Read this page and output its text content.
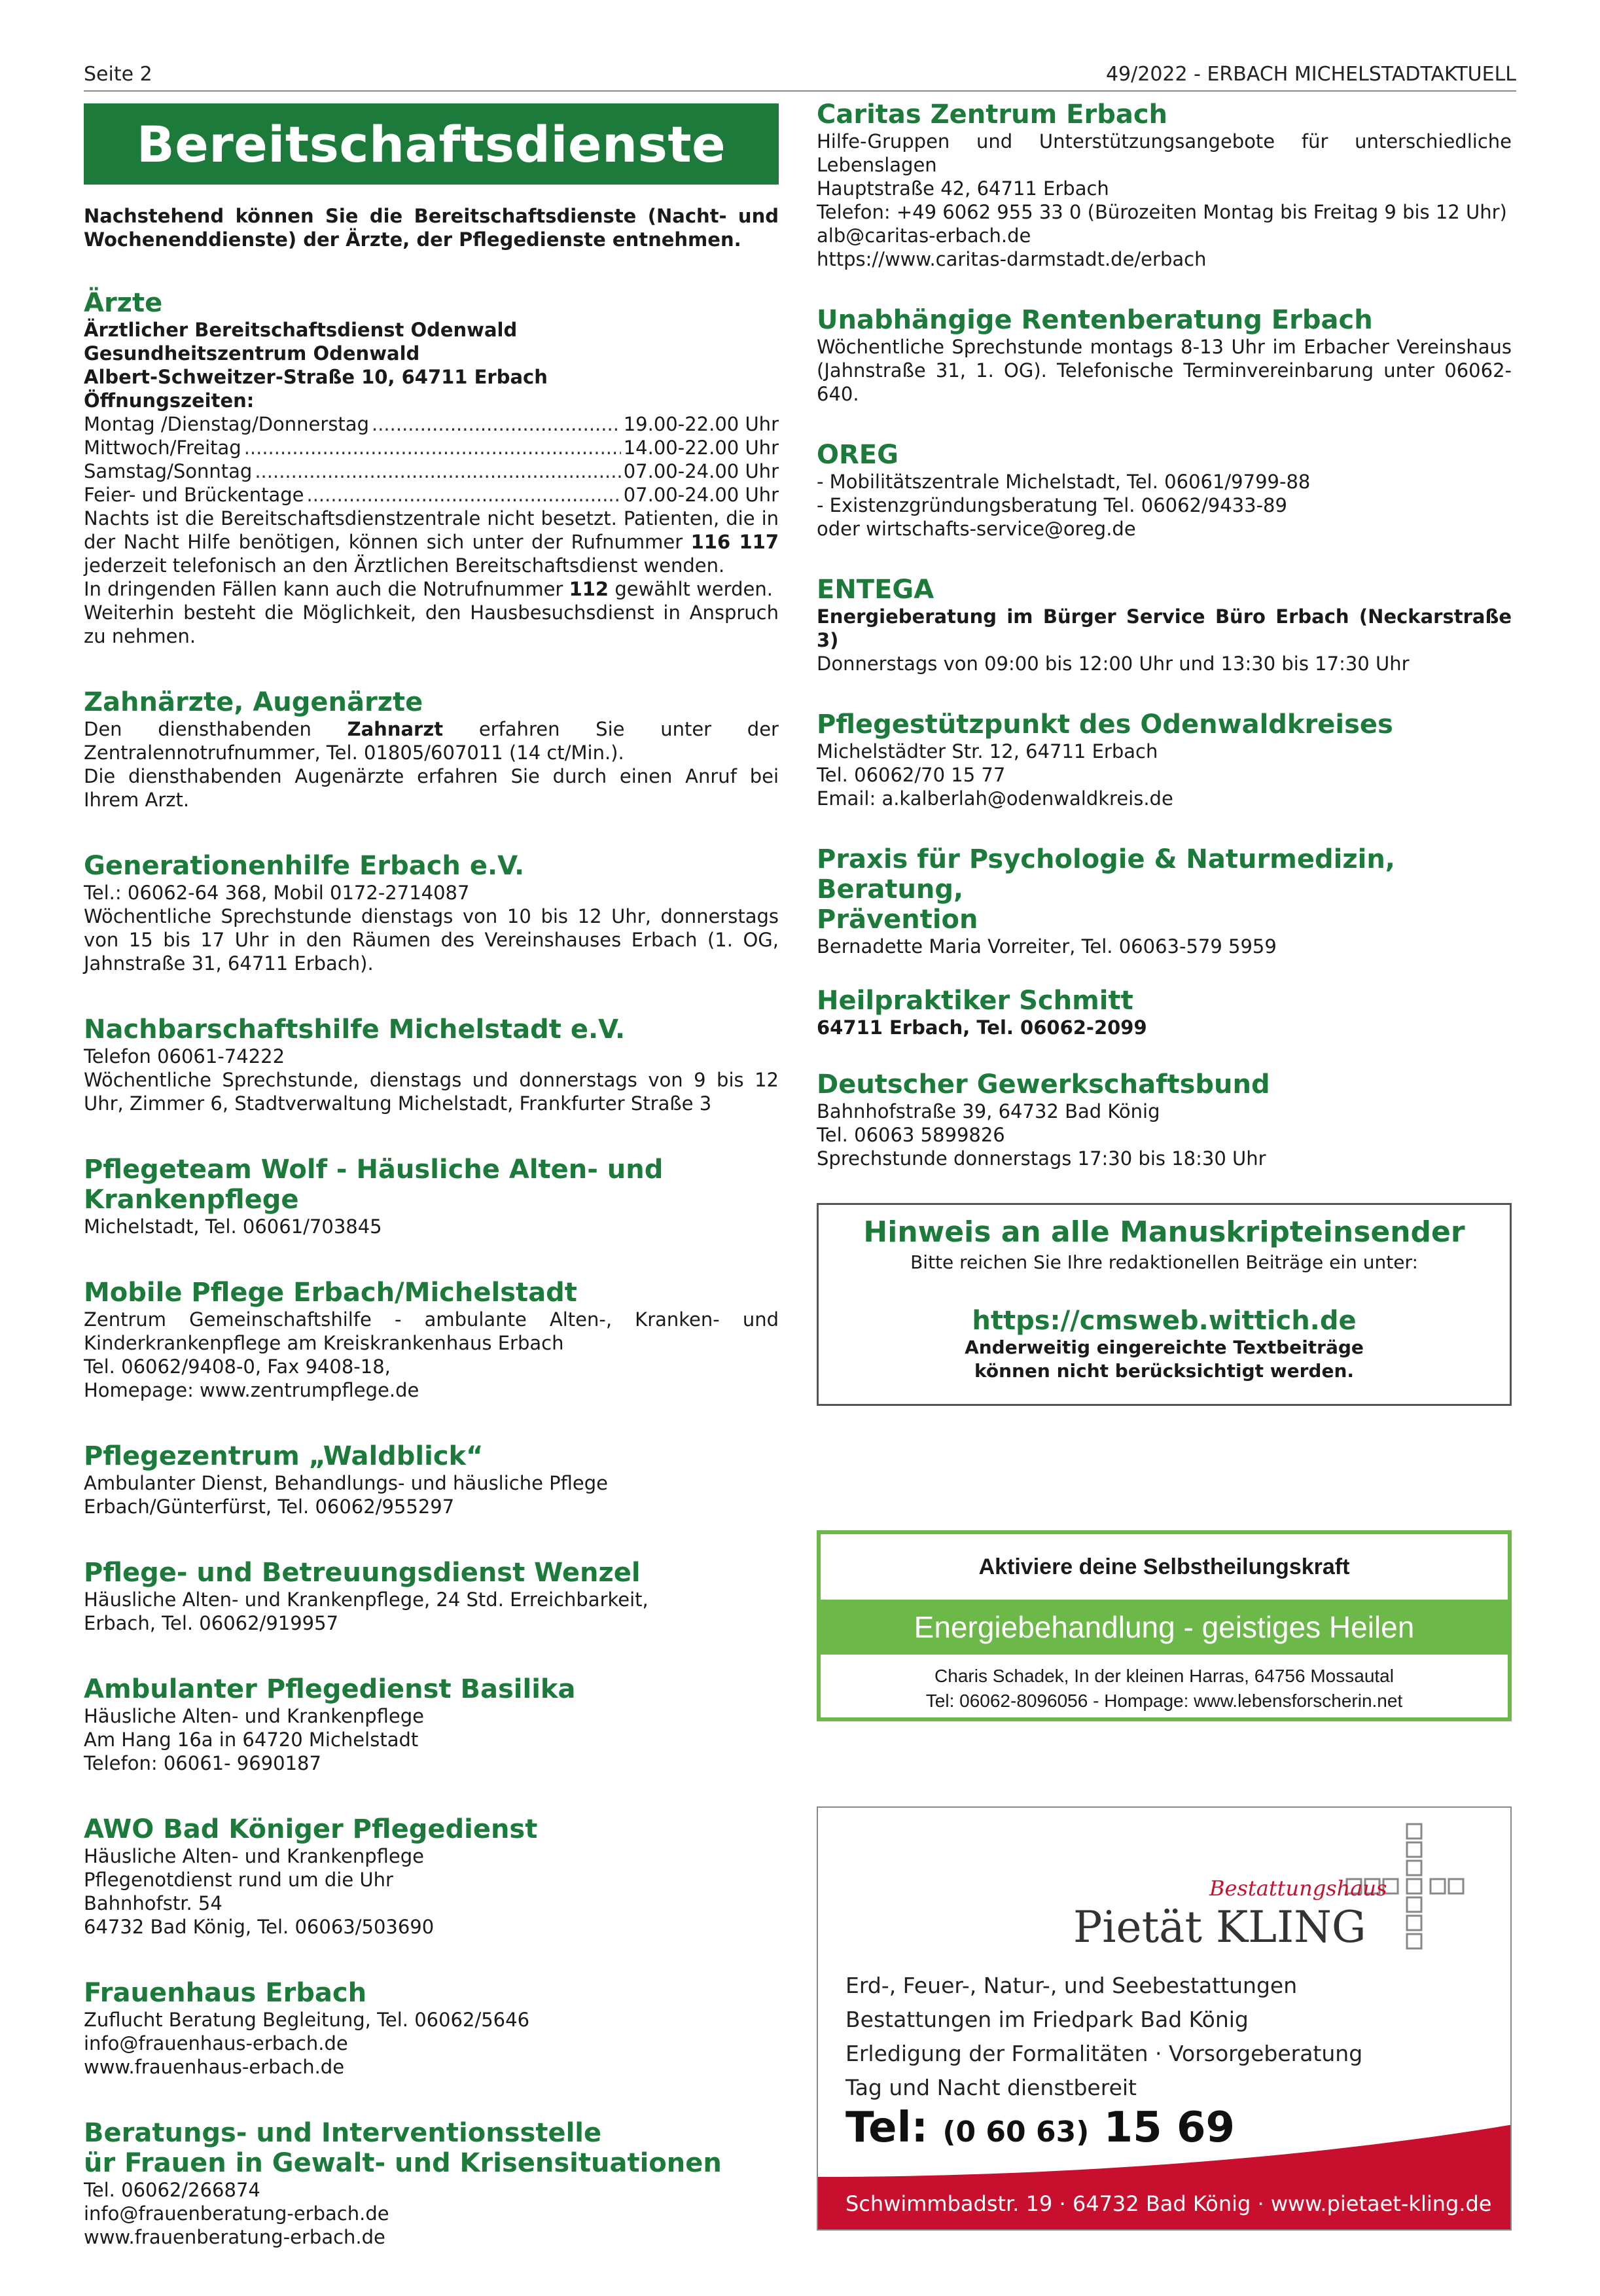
Seite 2	49/2022 - ERBACH MICHELSTADTAKTUELL
Bereitschaftsdienste
Nachstehend können Sie die Bereitschaftsdienste (Nacht- und Wochenenddienste) der Ärzte, der Pflegedienste entnehmen.
Ärzte
Ärztlicher Bereitschaftsdienst Odenwald
Gesundheitszentrum Odenwald
Albert-Schweitzer-Straße 10, 64711 Erbach
Öffnungszeiten:
Montag /Dienstag/Donnerstag .....	19.00-22.00 Uhr
Mittwoch/Freitag .....	14.00-22.00 Uhr
Samstag/Sonntag .....	07.00-24.00 Uhr
Feier- und Brückentage .....	07.00-24.00 Uhr
Nachts ist die Bereitschaftsdienstzentrale nicht besetzt. Patienten, die in der Nacht Hilfe benötigen, können sich unter der Rufnummer 116 117 jederzeit telefonisch an den Ärztlichen Bereitschaftsdienst wenden.
In dringenden Fällen kann auch die Notrufnummer 112 gewählt werden.
Weiterhin besteht die Möglichkeit, den Hausbesuchsdienst in Anspruch zu nehmen.
Zahnärzte, Augenärzte
Den diensthabenden Zahnarzt erfahren Sie unter der Zentralennotrufnummer, Tel. 01805/607011 (14 ct/Min.).
Die diensthabenden Augenärzte erfahren Sie durch einen Anruf bei Ihrem Arzt.
Generationenhilfe Erbach e.V.
Tel.: 06062-64 368, Mobil 0172-2714087
Wöchentliche Sprechstunde dienstags von 10 bis 12 Uhr, donnerstags von 15 bis 17 Uhr in den Räumen des Vereinshauses Erbach (1. OG, Jahnstraße 31, 64711 Erbach).
Nachbarschaftshilfe Michelstadt e.V.
Telefon 06061-74222
Wöchentliche Sprechstunde, dienstags und donnerstags von 9 bis 12 Uhr, Zimmer 6, Stadtverwaltung Michelstadt, Frankfurter Straße 3
Pflegeteam Wolf - Häusliche Alten- und Krankenpflege
Michelstadt, Tel. 06061/703845
Mobile Pflege Erbach/Michelstadt
Zentrum Gemeinschaftshilfe - ambulante Alten-, Kranken- und Kinderkrankenpflege am Kreiskrankenhaus Erbach
Tel. 06062/9408-0, Fax 9408-18,
Homepage: www.zentrumpflege.de
Pflegezentrum „Waldblick“
Ambulanter Dienst, Behandlungs- und häusliche Pflege
Erbach/Günterfürst, Tel. 06062/955297
Pflege- und Betreuungsdienst Wenzel
Häusliche Alten- und Krankenpflege, 24 Std. Erreichbarkeit,
Erbach, Tel. 06062/919957
Ambulanter Pflegedienst Basilika
Häusliche Alten- und Krankenpflege
Am Hang 16a in 64720 Michelstadt
Telefon: 06061- 9690187
AWO Bad Königer Pflegedienst
Häusliche Alten- und Krankenpflege
Pflegenotdienst rund um die Uhr
Bahnhofstr. 54
64732 Bad König, Tel. 06063/503690
Frauenhaus Erbach
Zuflucht Beratung Begleitung, Tel. 06062/5646
info@frauenhaus-erbach.de
www.frauenhaus-erbach.de
Beratungs- und Interventionsstelle
ür Frauen in Gewalt- und Krisensituationen
Tel. 06062/266874
info@frauenberatung-erbach.de
www.frauenberatung-erbach.de
Caritas Zentrum Erbach
Hilfe-Gruppen und Unterstützungsangebote für unterschiedliche Lebenslagen
Hauptstraße 42, 64711 Erbach
Telefon: +49 6062 955 33 0 (Bürozeiten Montag bis Freitag 9 bis 12 Uhr)
alb@caritas-erbach.de
https://www.caritas-darmstadt.de/erbach
Unabhängige Rentenberatung Erbach
Wöchentliche Sprechstunde montags 8-13 Uhr im Erbacher Vereinshaus (Jahnstraße 31, 1. OG). Telefonische Terminvereinbarung unter 06062-640.
OREG
- Mobilitätszentrale Michelstadt, Tel. 06061/9799-88
- Existenzgründungsberatung Tel. 06062/9433-89
oder wirtschafts-service@oreg.de
ENTEGA
Energieberatung im Bürger Service Büro Erbach (Neckarstraße 3)
Donnerstags von 09:00 bis 12:00 Uhr und 13:30 bis 17:30 Uhr
Pflegestützpunkt des Odenwaldkreises
Michelstädter Str. 12, 64711 Erbach
Tel. 06062/70 15 77
Email: a.kalberlah@odenwaldkreis.de
Praxis für Psychologie & Naturmedizin, Beratung,
Prävention
Bernadette Maria Vorreiter, Tel. 06063-579 5959
Heilpraktiker Schmitt
64711 Erbach, Tel. 06062-2099
Deutscher Gewerkschaftsbund
Bahnhofstraße 39, 64732 Bad König
Tel. 06063 5899826
Sprechstunde donnerstags 17:30 bis 18:30 Uhr
Hinweis an alle Manuskripteinsender
Bitte reichen Sie Ihre redaktionellen Beiträge ein unter:
https://cmsweb.wittich.de
Anderweitig eingereichte Textbeiträge
können nicht berücksichtigt werden.
Aktiviere deine Selbstheilungskraft
Energiebehandlung - geistiges Heilen
Charis Schadek, In der kleinen Harras, 64756 Mossautal
Tel: 06062-8096056 - Hompage: www.lebensforscherin.net
Bestattungshaus
Pietät KLING
Erd-, Feuer-, Natur-, und Seebestattungen
Bestattungen im Friedpark Bad König
Erledigung der Formalitäten · Vorsorgeberatung
Tag und Nacht dienstbereit
Tel: (0 60 63) 15 69
Schwimmbadstr. 19 · 64732 Bad König · www.pietaet-kling.de
